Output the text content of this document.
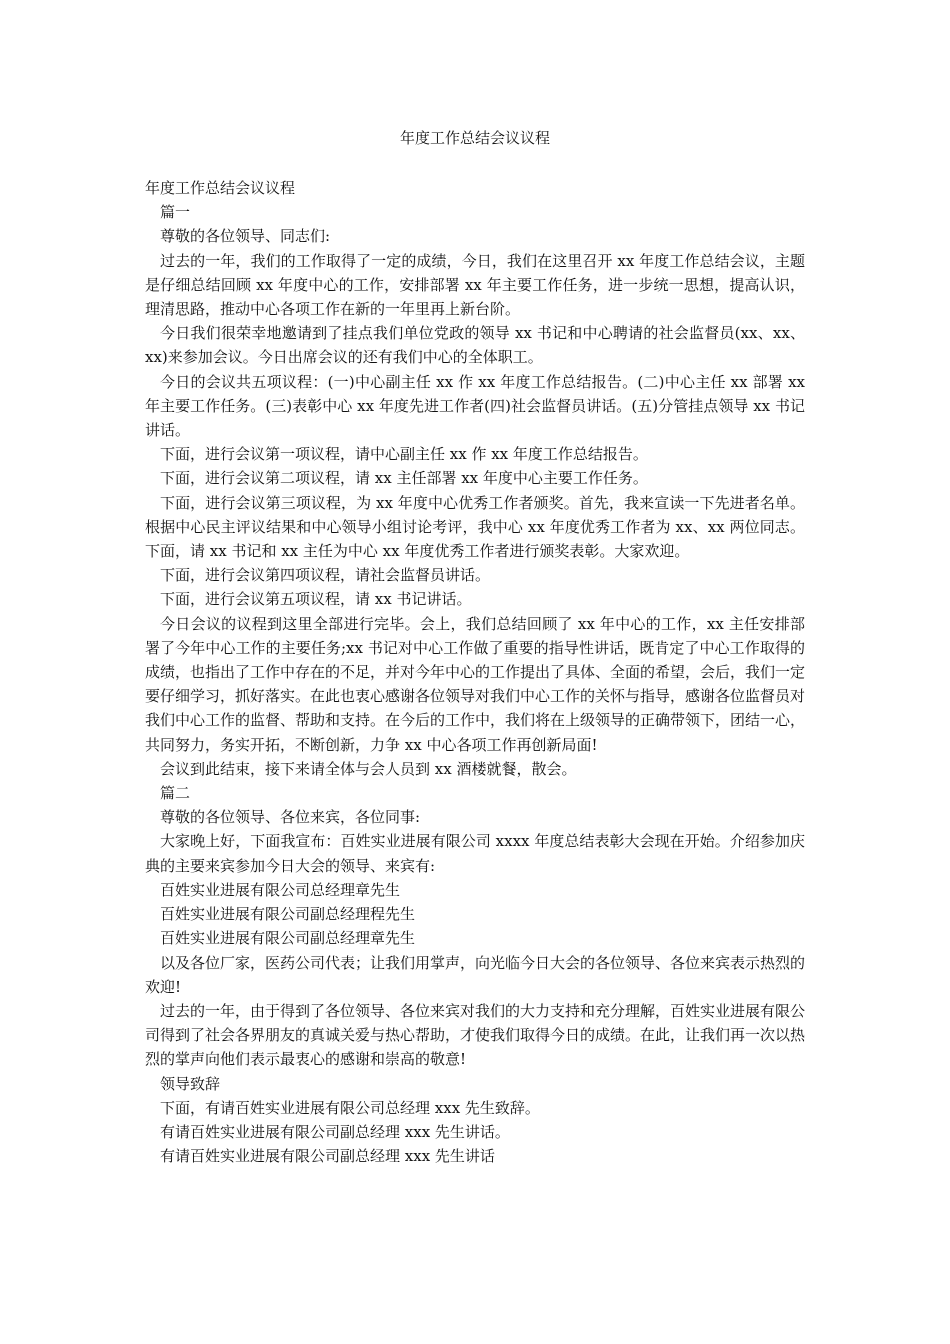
年度工作总结会议议程

年度工作总结会议议程

篇一

尊敬的各位领导、同志们:

过去的一年，我们的工作取得了一定的成绩，今日，我们在这里召开 xx 年度工作总结会议，主题是仔细总结回顾 xx 年度中心的工作，安排部署 xx 年主要工作任务，进一步统一思想，提高认识，理清思路，推动中心各项工作在新的一年里再上新台阶。

今日我们很荣幸地邀请到了挂点我们单位党政的领导 xx 书记和中心聘请的社会监督员(xx、xx、xx)来参加会议。今日出席会议的还有我们中心的全体职工。

今日的会议共五项议程：(一)中心副主任 xx 作 xx 年度工作总结报告。(二)中心主任 xx 部署 xx 年主要工作任务。(三)表彰中心 xx 年度先进工作者(四)社会监督员讲话。(五)分管挂点领导 xx 书记讲话。

下面，进行会议第一项议程，请中心副主任 xx 作 xx 年度工作总结报告。

下面，进行会议第二项议程，请 xx 主任部署 xx 年度中心主要工作任务。

下面，进行会议第三项议程，为 xx 年度中心优秀工作者颁奖。首先，我来宣读一下先进者名单。根据中心民主评议结果和中心领导小组讨论考评，我中心 xx 年度优秀工作者为 xx、xx 两位同志。下面，请 xx 书记和 xx 主任为中心 xx 年度优秀工作者进行颁奖表彰。大家欢迎。

下面，进行会议第四项议程，请社会监督员讲话。

下面，进行会议第五项议程，请 xx 书记讲话。

今日会议的议程到这里全部进行完毕。会上，我们总结回顾了 xx 年中心的工作，xx 主任安排部署了今年中心工作的主要任务;xx 书记对中心工作做了重要的指导性讲话，既肯定了中心工作取得的成绩，也指出了工作中存在的不足，并对今年中心的工作提出了具体、全面的希望，会后，我们一定要仔细学习，抓好落实。在此也衷心感谢各位领导对我们中心工作的关怀与指导，感谢各位监督员对我们中心工作的监督、帮助和支持。在今后的工作中，我们将在上级领导的正确带领下，团结一心，共同努力，务实开拓，不断创新，力争 xx 中心各项工作再创新局面!

会议到此结束，接下来请全体与会人员到 xx 酒楼就餐，散会。

篇二

尊敬的各位领导、各位来宾，各位同事:

大家晚上好，下面我宣布：百姓实业进展有限公司 xxxx 年度总结表彰大会现在开始。介绍参加庆典的主要来宾参加今日大会的领导、来宾有:

百姓实业进展有限公司总经理章先生

百姓实业进展有限公司副总经理程先生

百姓实业进展有限公司副总经理章先生

以及各位厂家，医药公司代表；让我们用掌声，向光临今日大会的各位领导、各位来宾表示热烈的欢迎!

过去的一年，由于得到了各位领导、各位来宾对我们的大力支持和充分理解，百姓实业进展有限公司得到了社会各界朋友的真诚关爱与热心帮助，才使我们取得今日的成绩。在此，让我们再一次以热烈的掌声向他们表示最衷心的感谢和崇高的敬意!

领导致辞

下面，有请百姓实业进展有限公司总经理 xxx 先生致辞。

有请百姓实业进展有限公司副总经理 xxx 先生讲话。

有请百姓实业进展有限公司副总经理 xxx 先生讲话
